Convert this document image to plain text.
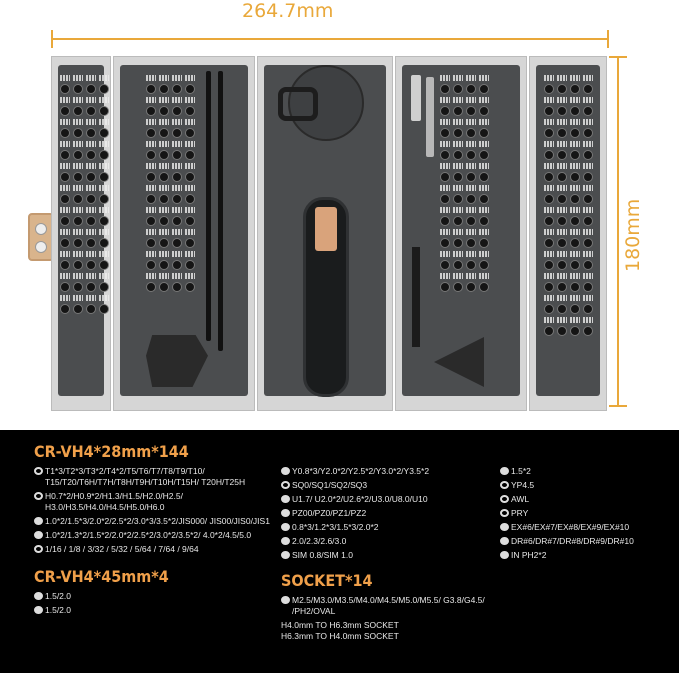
264.7mm
180mm
CR-VH4*28mm*144
T1*3/T2*3/T3*2/T4*2/T5/T6/T7/T8/T9/T10/ T15/T20/T6H/T7H/T8H/T9H/T10H/T15H/ T20H/T25H
H0.7*2/H0.9*2/H1.3/H1.5/H2.0/H2.5/ H3.0/H3.5/H4.0/H4.5/H5.0/H6.0
1.0*2/1.5*3/2.0*2/2.5*2/3.0*3/3.5*2/JIS000/ JIS00/JIS0/JIS1
1.0*2/1.3*2/1.5*2/2.0*2/2.5*2/3.0*2/3.5*2/ 4.0*2/4.5/5.0
1/16 / 1/8 / 3/32 / 5/32 / 5/64 / 7/64 / 9/64
CR-VH4*45mm*4
1.5/2.0
1.5/2.0
Y0.8*3/Y2.0*2/Y2.5*2/Y3.0*2/Y3.5*2
SQ0/SQ1/SQ2/SQ3
U1.7/ U2.0*2/U2.6*2/U3.0/U8.0/U10
PZ00/PZ0/PZ1/PZ2
0.8*3/1.2*3/1.5*3/2.0*2
2.0/2.3/2.6/3.0
SIM 0.8/SIM 1.0
SOCKET*14
M2.5/M3.0/M3.5/M4.0/M4.5/M5.0/M5.5/ G3.8/G4.5/ /PH2/OVAL
H4.0mm TO H6.3mm SOCKET
H6.3mm TO H4.0mm SOCKET
1.5*2
YP4.5
AWL
PRY
EX#6/EX#7/EX#8/EX#9/EX#10
DR#6/DR#7/DR#8/DR#9/DR#10
IN PH2*2
